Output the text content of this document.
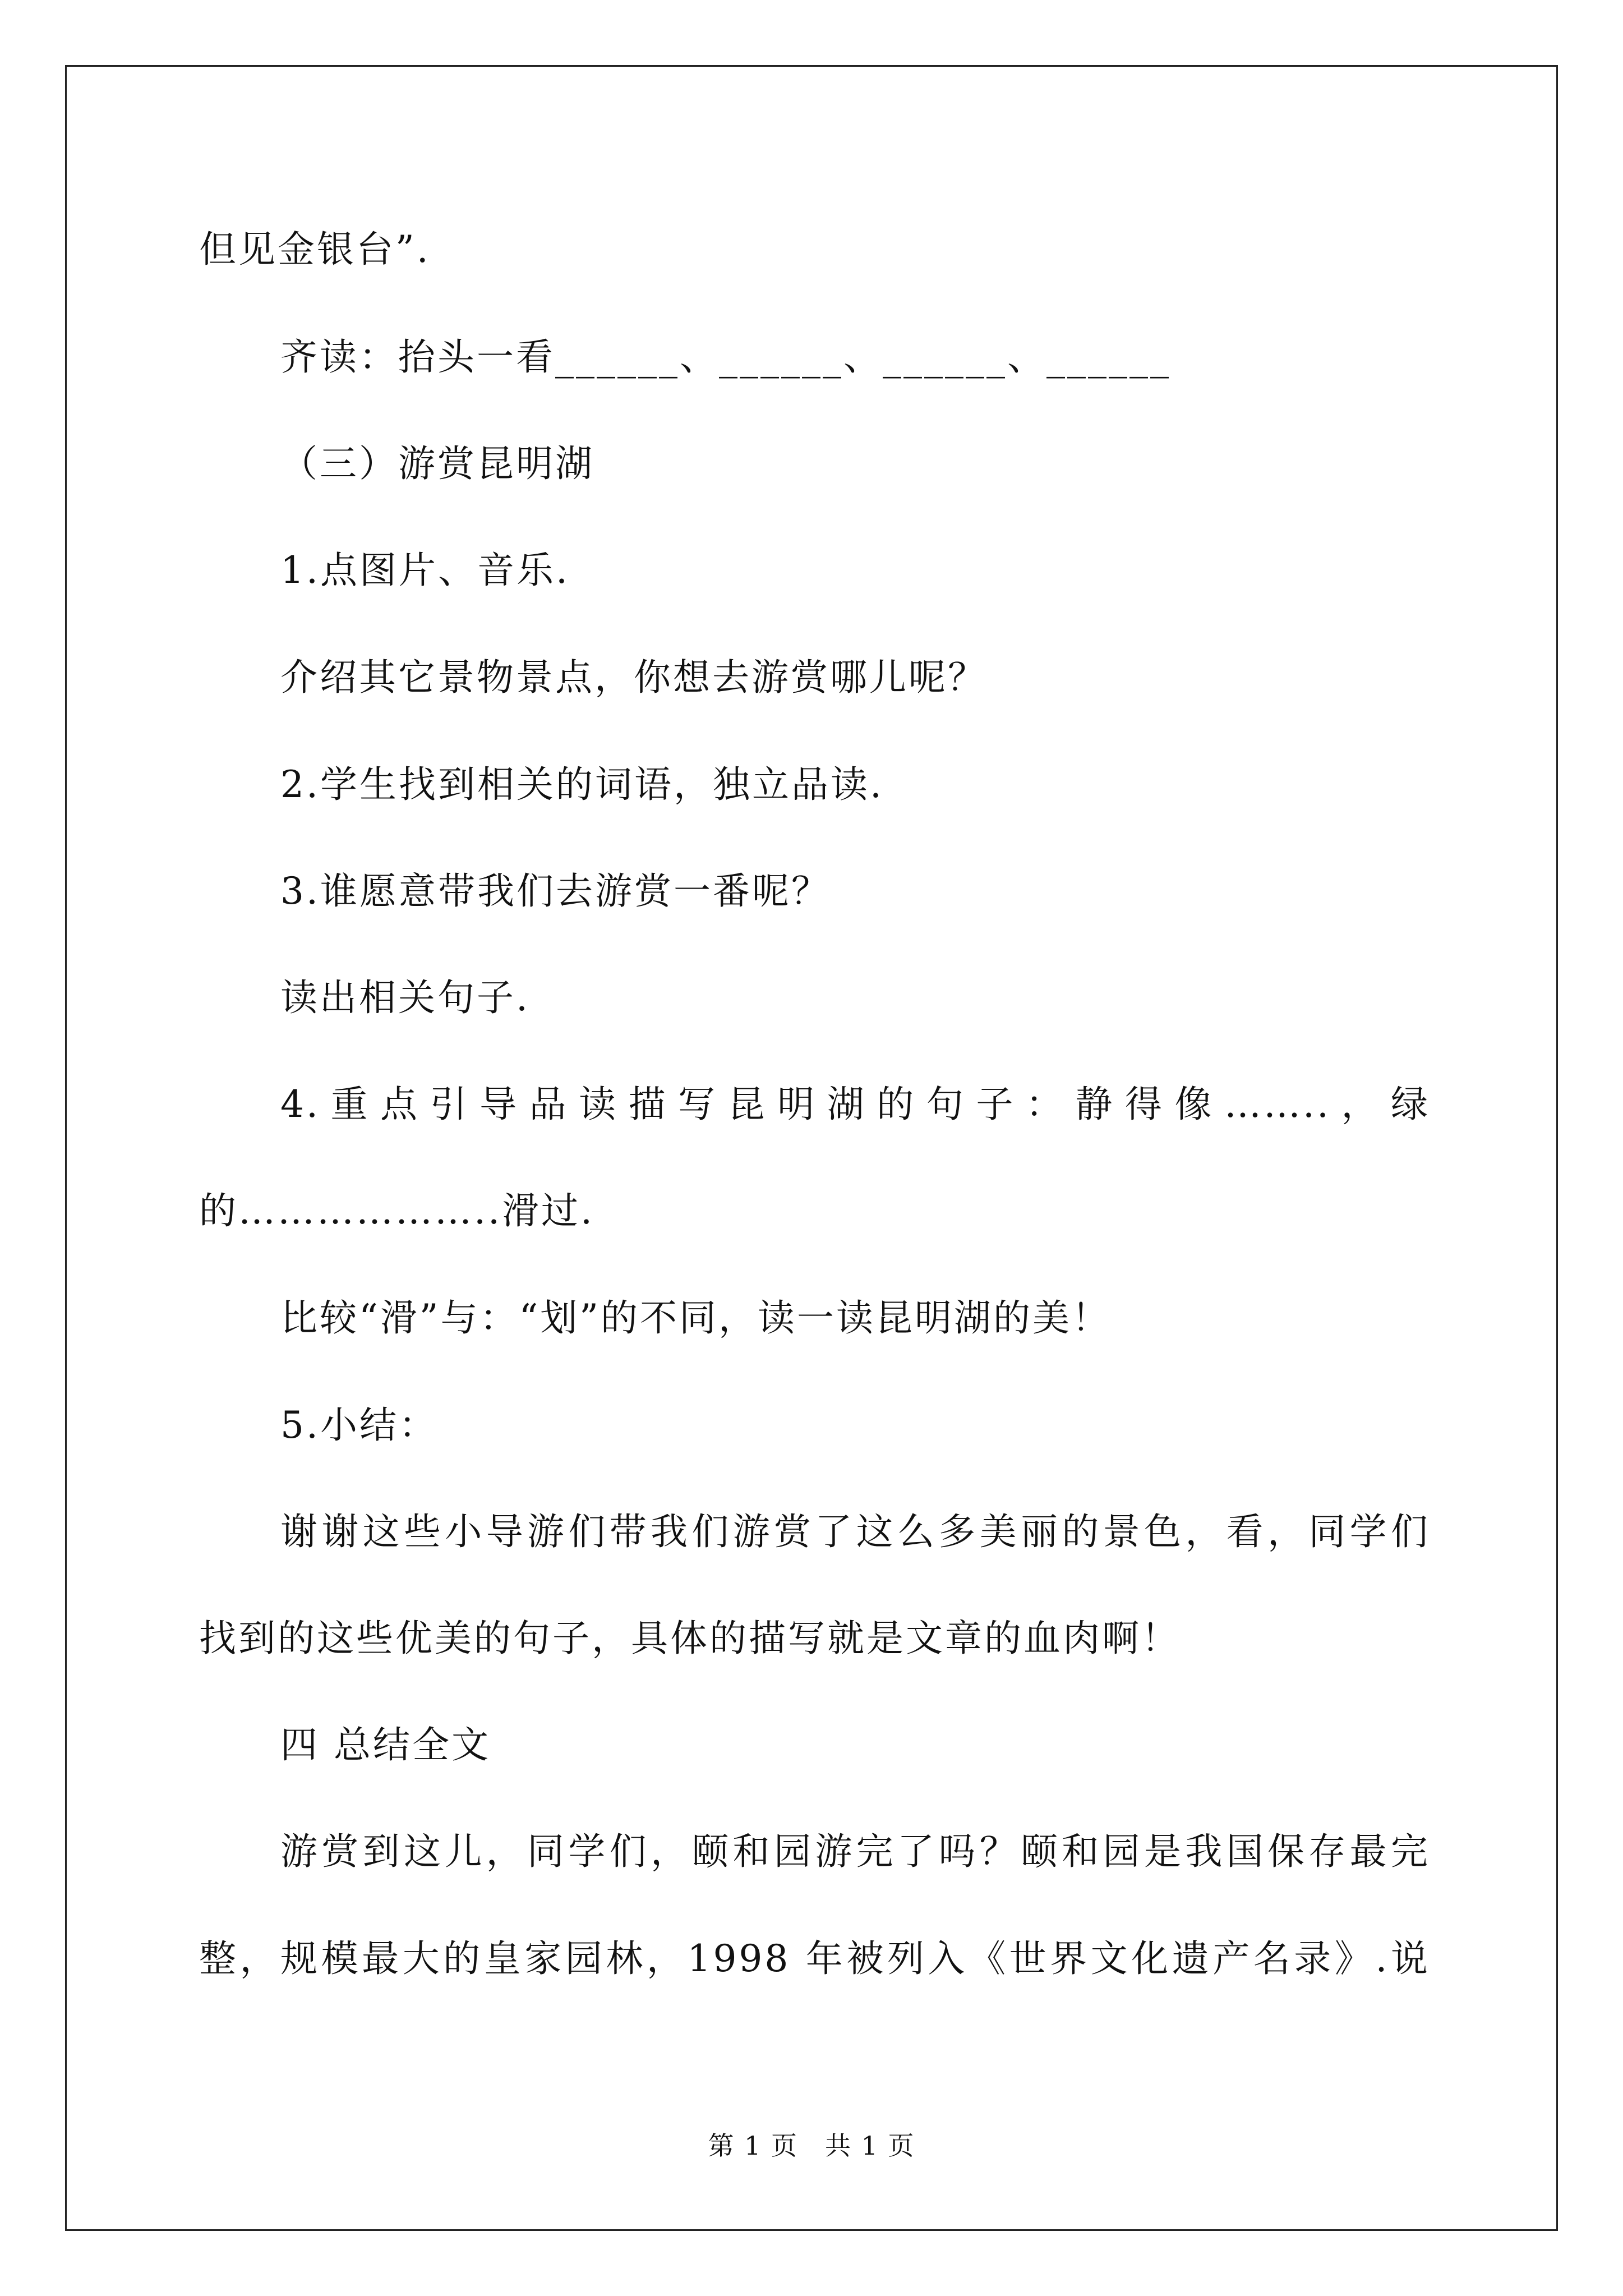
但见金银台”.
齐读：抬头一看______、______、______、______
（三）游赏昆明湖
1.点图片、音乐.
介绍其它景物景点，你想去游赏哪儿呢？
2.学生找到相关的词语，独立品读.
3.谁愿意带我们去游赏一番呢？
读出相关句子.
4.重点引导品读描写昆明湖的句子：静得像……..，绿
的………………..滑过.
比较“滑”与：“划”的不同，读一读昆明湖的美！
5.小结：
谢谢这些小导游们带我们游赏了这么多美丽的景色，看，同学们
找到的这些优美的句子，具体的描写就是文章的血肉啊！
四 总结全文
游赏到这儿，同学们，颐和园游完了吗？颐和园是我国保存最完
整，规模最大的皇家园林，1998 年被列入《世界文化遗产名录》.说
第 1 页　共 1 页
